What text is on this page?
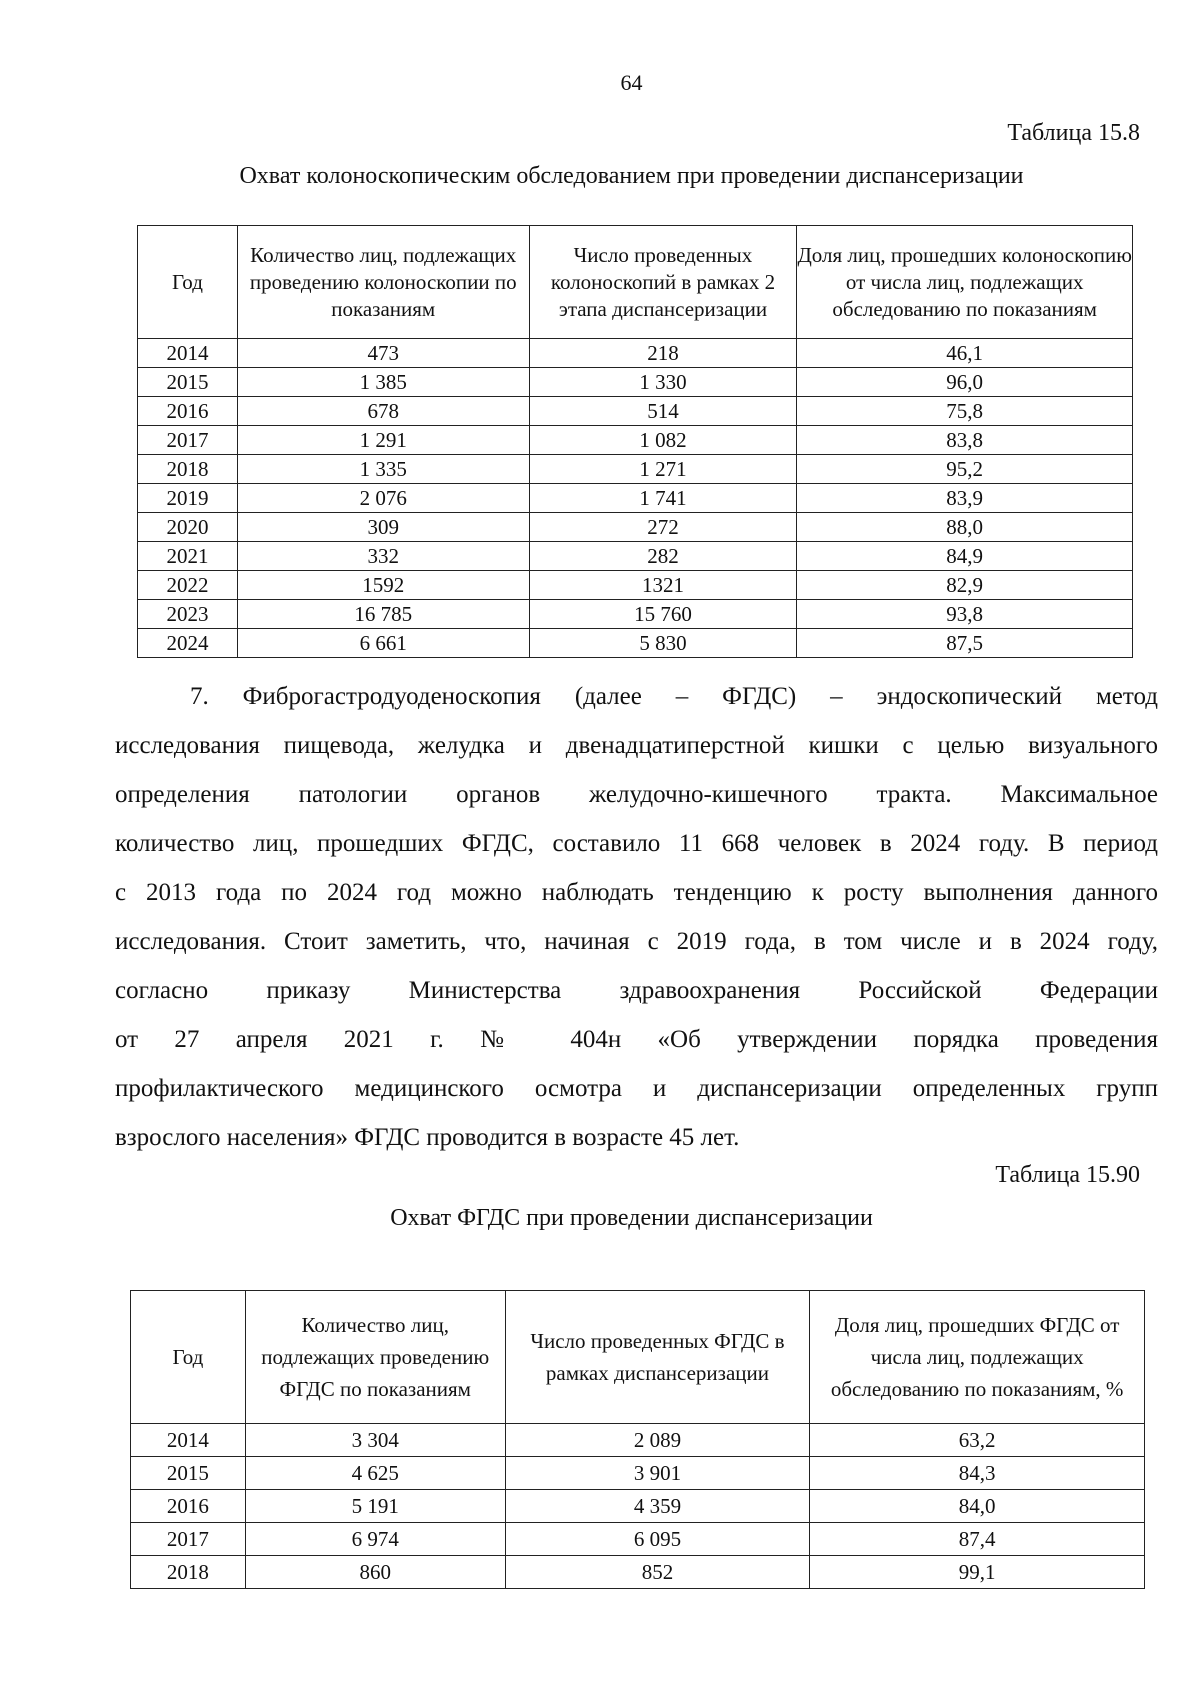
64
Таблица 15.8
Охват колоноскопическим обследованием при проведении диспансеризации
Год	Количество лиц, подлежащих проведению колоноскопии по показаниям	Число проведенных колоноскопий в рамках 2 этапа диспансеризации	Доля лиц, прошедших колоноскопию от числа лиц, подлежащих обследованию по показаниям
2014	473	218	46,1
2015	1 385	1 330	96,0
2016	678	514	75,8
2017	1 291	1 082	83,8
2018	1 335	1 271	95,2
2019	2 076	1 741	83,9
2020	309	272	88,0
2021	332	282	84,9
2022	1592	1321	82,9
2023	16 785	15 760	93,8
2024	6 661	5 830	87,5
7. Фиброгастродуоденоскопия (далее – ФГДС) – эндоскопический метод
исследования пищевода, желудка и двенадцатиперстной кишки с целью визуального
определения патологии органов желудочно-кишечного тракта. Максимальное
количество лиц, прошедших ФГДС, составило 11 668 человек в 2024 году. В период
с 2013 года по 2024 год можно наблюдать тенденцию к росту выполнения данного
исследования. Стоит заметить, что, начиная с 2019 года, в том числе и в 2024 году,
согласно приказу Министерства здравоохранения Российской Федерации
от 27 апреля 2021 г. № 404н «Об утверждении порядка проведения
профилактического медицинского осмотра и диспансеризации определенных групп
взрослого населения» ФГДС проводится в возрасте 45 лет.
Таблица 15.90
Охват ФГДС при проведении диспансеризации
Год	Количество лиц, подлежащих проведению ФГДС по показаниям	Число проведенных ФГДС в рамках диспансеризации	Доля лиц, прошедших ФГДС от числа лиц, подлежащих обследованию по показаниям, %
2014	3 304	2 089	63,2
2015	4 625	3 901	84,3
2016	5 191	4 359	84,0
2017	6 974	6 095	87,4
2018	860	852	99,1
